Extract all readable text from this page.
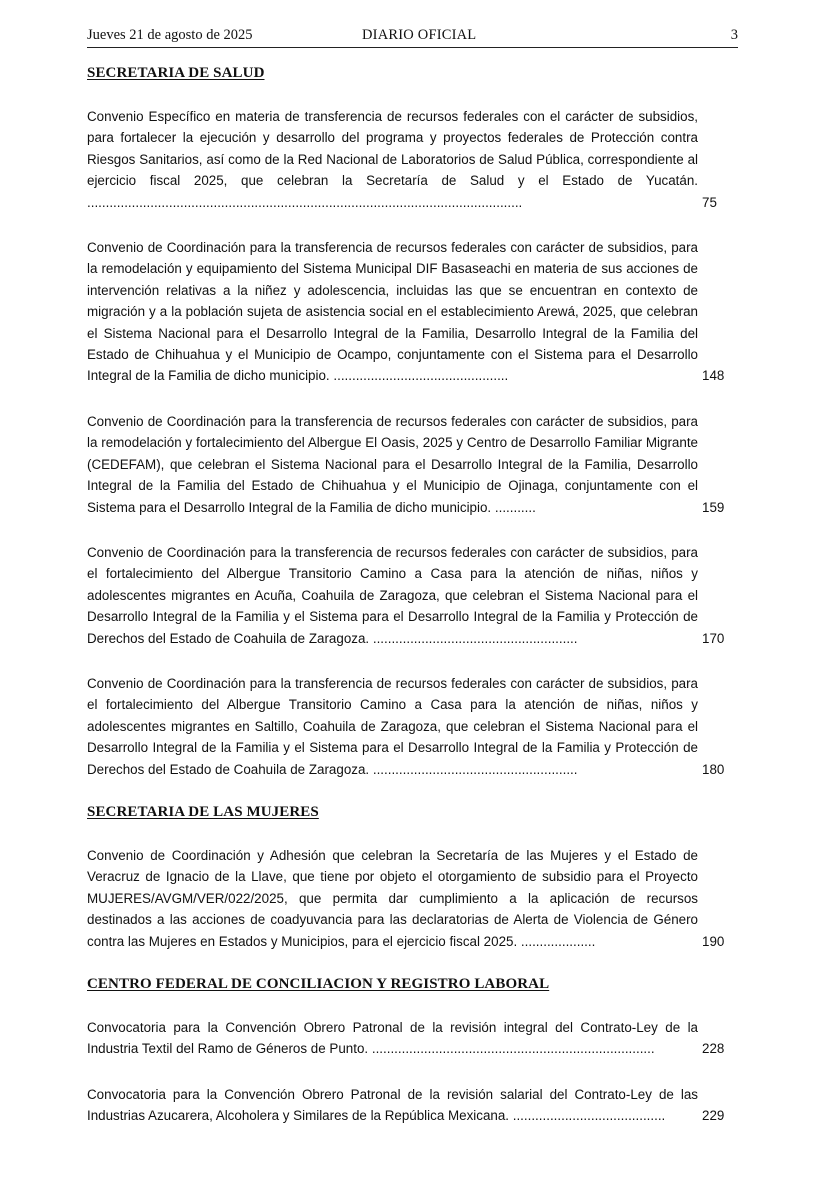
Jueves 21 de agosto de 2025	DIARIO OFICIAL	3
SECRETARIA DE SALUD
Convenio Específico en materia de transferencia de recursos federales con el carácter de subsidios, para fortalecer la ejecución y desarrollo del programa y proyectos federales de Protección contra Riesgos Sanitarios, así como de la Red Nacional de Laboratorios de Salud Pública, correspondiente al ejercicio fiscal 2025, que celebran la Secretaría de Salud y el Estado de Yucatán. .....................................................................................................................	75
Convenio de Coordinación para la transferencia de recursos federales con carácter de subsidios, para la remodelación y equipamiento del Sistema Municipal DIF Basaseachi en materia de sus acciones de intervención relativas a la niñez y adolescencia, incluidas las que se encuentran en contexto de migración y a la población sujeta de asistencia social en el establecimiento Arewá, 2025, que celebran el Sistema Nacional para el Desarrollo Integral de la Familia, Desarrollo Integral de la Familia del Estado de Chihuahua y el Municipio de Ocampo, conjuntamente con el Sistema para el Desarrollo Integral de la Familia de dicho municipio. ...............................................	148
Convenio de Coordinación para la transferencia de recursos federales con carácter de subsidios, para la remodelación y fortalecimiento del Albergue El Oasis, 2025 y Centro de Desarrollo Familiar Migrante (CEDEFAM), que celebran el Sistema Nacional para el Desarrollo Integral de la Familia, Desarrollo Integral de la Familia del Estado de Chihuahua y el Municipio de Ojinaga, conjuntamente con el Sistema para el Desarrollo Integral de la Familia de dicho municipio. ...........	159
Convenio de Coordinación para la transferencia de recursos federales con carácter de subsidios, para el fortalecimiento del Albergue Transitorio Camino a Casa para la atención de niñas, niños y adolescentes migrantes en Acuña, Coahuila de Zaragoza, que celebran el Sistema Nacional para el Desarrollo Integral de la Familia y el Sistema para el Desarrollo Integral de la Familia y Protección de Derechos del Estado de Coahuila de Zaragoza. .......................................................	170
Convenio de Coordinación para la transferencia de recursos federales con carácter de subsidios, para el fortalecimiento del Albergue Transitorio Camino a Casa para la atención de niñas, niños y adolescentes migrantes en Saltillo, Coahuila de Zaragoza, que celebran el Sistema Nacional para el Desarrollo Integral de la Familia y el Sistema para el Desarrollo Integral de la Familia y Protección de Derechos del Estado de Coahuila de Zaragoza. .......................................................	180
SECRETARIA DE LAS MUJERES
Convenio de Coordinación y Adhesión que celebran la Secretaría de las Mujeres y el Estado de Veracruz de Ignacio de la Llave, que tiene por objeto el otorgamiento de subsidio para el Proyecto MUJERES/AVGM/VER/022/2025, que permita dar cumplimiento a la aplicación de recursos destinados a las acciones de coadyuvancia para las declaratorias de Alerta de Violencia de Género contra las Mujeres en Estados y Municipios, para el ejercicio fiscal 2025. ....................	190
CENTRO FEDERAL DE CONCILIACION Y REGISTRO LABORAL
Convocatoria para la Convención Obrero Patronal de la revisión integral del Contrato-Ley de la Industria Textil del Ramo de Géneros de Punto. ............................................................................	228
Convocatoria para la Convención Obrero Patronal de la revisión salarial del Contrato-Ley de las Industrias Azucarera, Alcoholera y Similares de la República Mexicana. .........................................	229
